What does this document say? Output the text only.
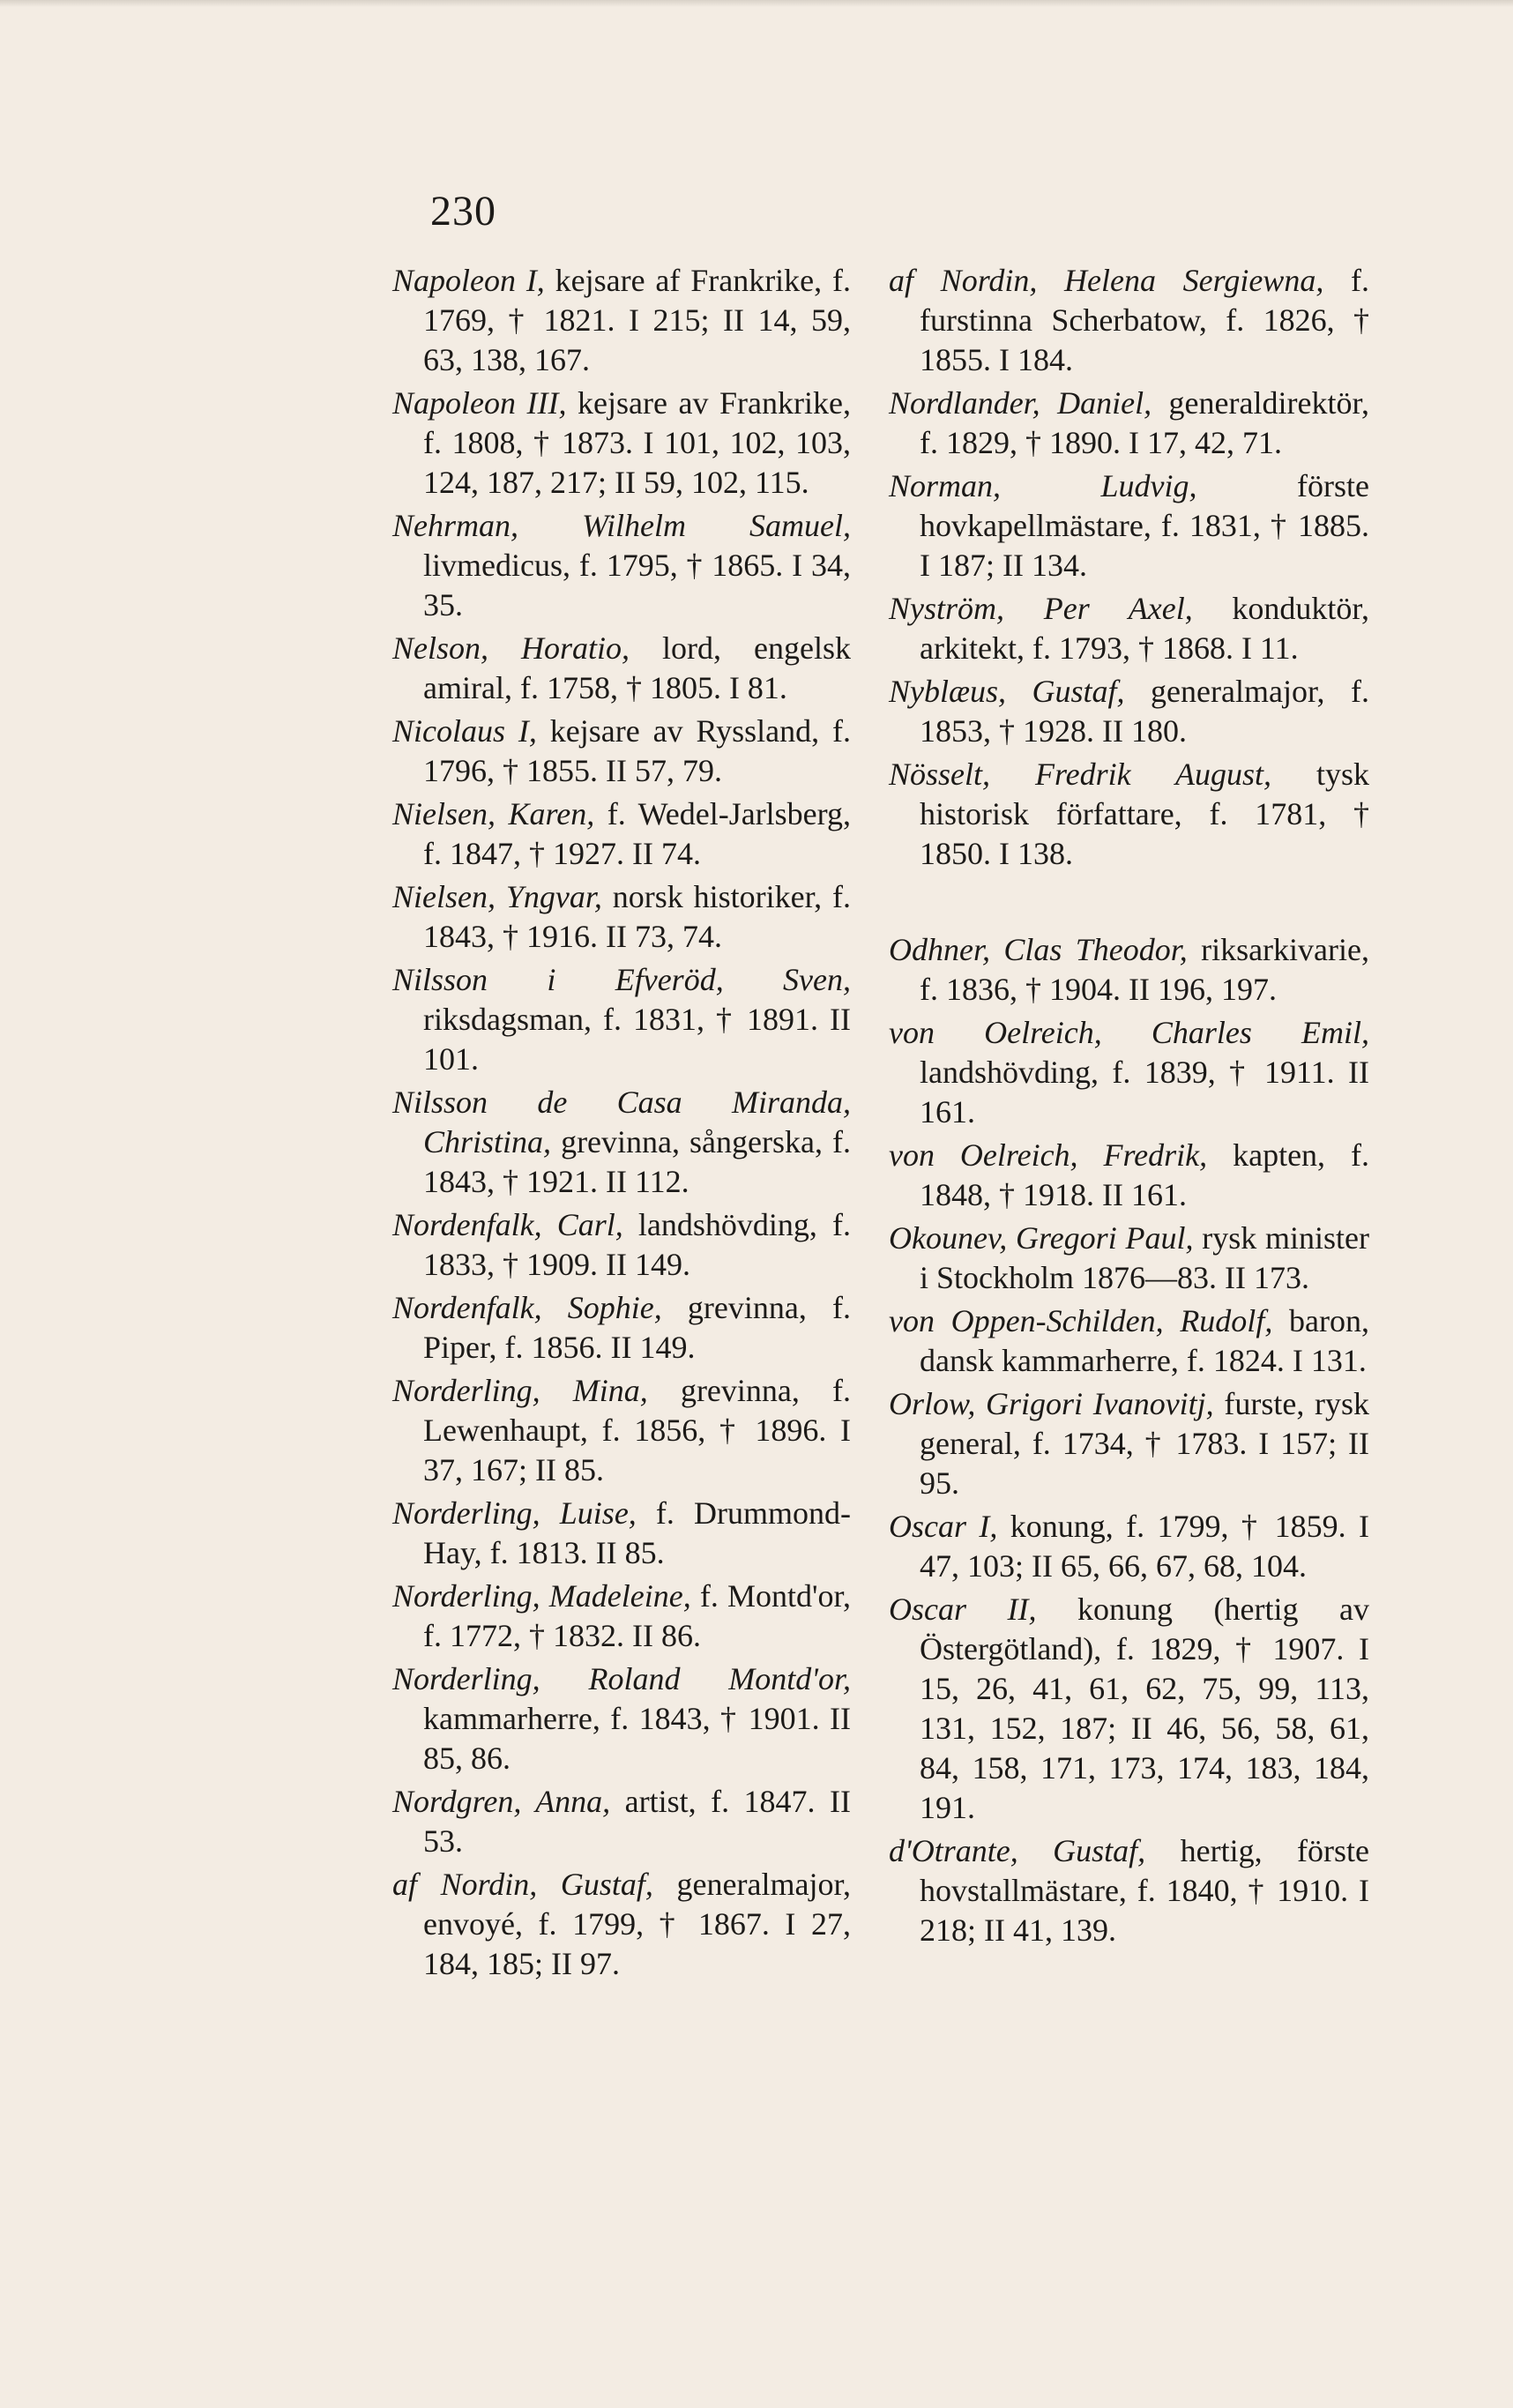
230

Napoleon I, kejsare af Frankrike, f. 1769, † 1821. I 215; II 14, 59, 63, 138, 167.

Napoleon III, kejsare av Frankrike, f. 1808, † 1873. I 101, 102, 103, 124, 187, 217; II 59, 102, 115.

Nehrman, Wilhelm Samuel, livmedicus, f. 1795, † 1865. I 34, 35.

Nelson, Horatio, lord, engelsk amiral, f. 1758, † 1805. I 81.

Nicolaus I, kejsare av Ryssland, f. 1796, † 1855. II 57, 79.

Nielsen, Karen, f. Wedel-Jarlsberg, f. 1847, † 1927. II 74.

Nielsen, Yngvar, norsk historiker, f. 1843, † 1916. II 73, 74.

Nilsson i Efveröd, Sven, riksdagsman, f. 1831, † 1891. II 101.

Nilsson de Casa Miranda, Christina, grevinna, sångerska, f. 1843, † 1921. II 112.

Nordenfalk, Carl, landshövding, f. 1833, † 1909. II 149.

Nordenfalk, Sophie, grevinna, f. Piper, f. 1856. II 149.

Norderling, Mina, grevinna, f. Lewenhaupt, f. 1856, † 1896. I 37, 167; II 85.

Norderling, Luise, f. Drummond-Hay, f. 1813. II 85.

Norderling, Madeleine, f. Montd'or, f. 1772, † 1832. II 86.

Norderling, Roland Montd'or, kammarherre, f. 1843, † 1901. II 85, 86.

Nordgren, Anna, artist, f. 1847. II 53.

af Nordin, Gustaf, generalmajor, envoyé, f. 1799, † 1867. I 27, 184, 185; II 97.

af Nordin, Helena Sergiewna, f. furstinna Scherbatow, f. 1826, † 1855. I 184.

Nordlander, Daniel, generaldirektör, f. 1829, † 1890. I 17, 42, 71.

Norman, Ludvig, förste hovkapellmästare, f. 1831, † 1885. I 187; II 134.

Nyström, Per Axel, konduktör, arkitekt, f. 1793, † 1868. I 11.

Nyblæus, Gustaf, generalmajor, f. 1853, † 1928. II 180.

Nösselt, Fredrik August, tysk historisk författare, f. 1781, † 1850. I 138.

Odhner, Clas Theodor, riksarkivarie, f. 1836, † 1904. II 196, 197.

von Oelreich, Charles Emil, landshövding, f. 1839, † 1911. II 161.

von Oelreich, Fredrik, kapten, f. 1848, † 1918. II 161.

Okounev, Gregori Paul, rysk minister i Stockholm 1876—83. II 173.

von Oppen-Schilden, Rudolf, baron, dansk kammarherre, f. 1824. I 131.

Orlow, Grigori Ivanovitj, furste, rysk general, f. 1734, † 1783. I 157; II 95.

Oscar I, konung, f. 1799, † 1859. I 47, 103; II 65, 66, 67, 68, 104.

Oscar II, konung (hertig av Östergötland), f. 1829, † 1907. I 15, 26, 41, 61, 62, 75, 99, 113, 131, 152, 187; II 46, 56, 58, 61, 84, 158, 171, 173, 174, 183, 184, 191.

d'Otrante, Gustaf, hertig, förste hovstallmästare, f. 1840, † 1910. I 218; II 41, 139.
